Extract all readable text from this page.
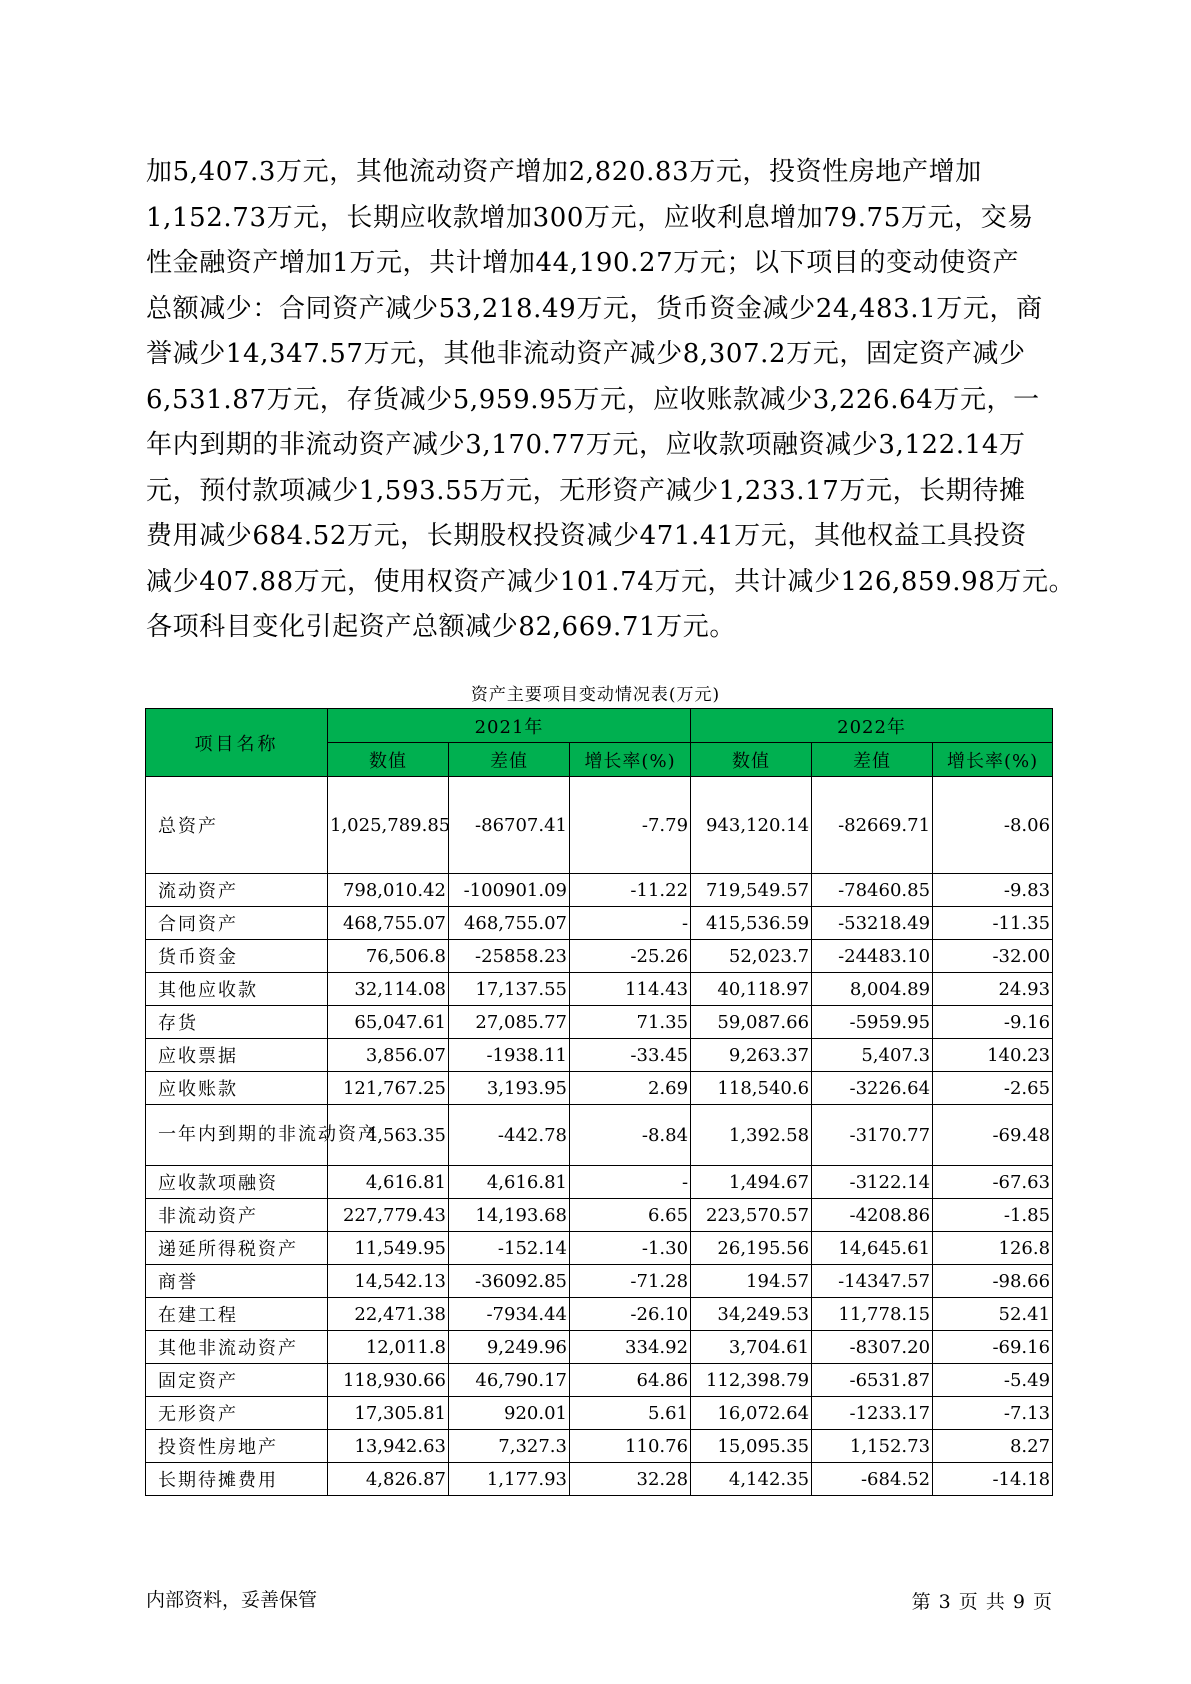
加5,407.3万元，其他流动资产增加2,820.83万元，投资性房地产增加
1,152.73万元，长期应收款增加300万元，应收利息增加79.75万元，交易
性金融资产增加1万元，共计增加44,190.27万元；以下项目的变动使资产
总额减少：合同资产减少53,218.49万元，货币资金减少24,483.1万元，商
誉减少14,347.57万元，其他非流动资产减少8,307.2万元，固定资产减少
6,531.87万元，存货减少5,959.95万元，应收账款减少3,226.64万元，一
年内到期的非流动资产减少3,170.77万元，应收款项融资减少3,122.14万
元，预付款项减少1,593.55万元，无形资产减少1,233.17万元，长期待摊
费用减少684.52万元，长期股权投资减少471.41万元，其他权益工具投资
减少407.88万元，使用权资产减少101.74万元，共计减少126,859.98万元。
各项科目变化引起资产总额减少82,669.71万元。
资产主要项目变动情况表(万元)
项目名称	2021年			2022年		
	数值	差值	增长率(%)	数值	差值	增长率(%)
总资产	1,025,789.85	-86707.41	-7.79	943,120.14	-82669.71	-8.06
流动资产	798,010.42	-100901.09	-11.22	719,549.57	-78460.85	-9.83
合同资产	468,755.07	468,755.07	-	415,536.59	-53218.49	-11.35
货币资金	76,506.8	-25858.23	-25.26	52,023.7	-24483.10	-32.00
其他应收款	32,114.08	17,137.55	114.43	40,118.97	8,004.89	24.93
存货	65,047.61	27,085.77	71.35	59,087.66	-5959.95	-9.16
应收票据	3,856.07	-1938.11	-33.45	9,263.37	5,407.3	140.23
应收账款	121,767.25	3,193.95	2.69	118,540.6	-3226.64	-2.65
一年内到期的非流动资产	4,563.35	-442.78	-8.84	1,392.58	-3170.77	-69.48
应收款项融资	4,616.81	4,616.81	-	1,494.67	-3122.14	-67.63
非流动资产	227,779.43	14,193.68	6.65	223,570.57	-4208.86	-1.85
递延所得税资产	11,549.95	-152.14	-1.30	26,195.56	14,645.61	126.8
商誉	14,542.13	-36092.85	-71.28	194.57	-14347.57	-98.66
在建工程	22,471.38	-7934.44	-26.10	34,249.53	11,778.15	52.41
其他非流动资产	12,011.8	9,249.96	334.92	3,704.61	-8307.20	-69.16
固定资产	118,930.66	46,790.17	64.86	112,398.79	-6531.87	-5.49
无形资产	17,305.81	920.01	5.61	16,072.64	-1233.17	-7.13
投资性房地产	13,942.63	7,327.3	110.76	15,095.35	1,152.73	8.27
长期待摊费用	4,826.87	1,177.93	32.28	4,142.35	-684.52	-14.18
内部资料，妥善保管	第 3 页 共 9 页
